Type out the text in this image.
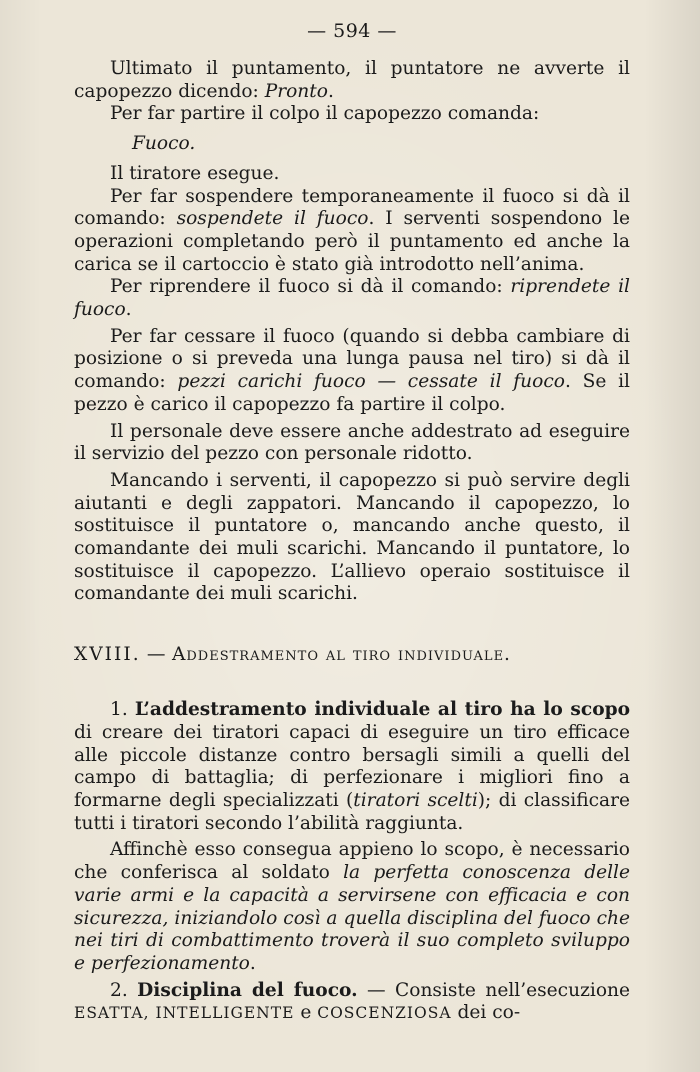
— 594 —

Ultimato il puntamento, il puntatore ne avverte il capopezzo dicendo: Pronto.

Per far partire il colpo il capopezzo comanda:

Fuoco.

Il tiratore esegue.

Per far sospendere temporaneamente il fuoco si dà il comando: sospendete il fuoco. I serventi sospendono le operazioni completando però il puntamento ed anche la carica se il cartoccio è stato già introdotto nell’anima.

Per riprendere il fuoco si dà il comando: riprendete il fuoco.

Per far cessare il fuoco (quando si debba cambiare di posizione o si preveda una lunga pausa nel tiro) si dà il comando: pezzi carichi fuoco — cessate il fuoco. Se il pezzo è carico il capopezzo fa partire il colpo.

Il personale deve essere anche addestrato ad eseguire il servizio del pezzo con personale ridotto.

Mancando i serventi, il capopezzo si può servire degli aiutanti e degli zappatori. Mancando il capopezzo, lo sostituisce il puntatore o, mancando anche questo, il comandante dei muli scarichi. Mancando il puntatore, lo sostituisce il capopezzo. L’allievo operaio sostituisce il comandante dei muli scarichi.

XVIII. — Addestramento al tiro individuale.

1. L’addestramento individuale al tiro ha lo scopo di creare dei tiratori capaci di eseguire un tiro efficace alle piccole distanze contro bersagli simili a quelli del campo di battaglia; di perfezionare i migliori fino a formarne degli specializzati (tiratori scelti); di classificare tutti i tiratori secondo l’abilità raggiunta.

Affinchè esso consegua appieno lo scopo, è necessario che conferisca al soldato la perfetta conoscenza delle varie armi e la capacità a servirsene con efficacia e con sicurezza, iniziandolo così a quella disciplina del fuoco che nei tiri di combattimento troverà il suo completo sviluppo e perfezionamento.

2. Disciplina del fuoco. — Consiste nell’esecuzione ESATTA, INTELLIGENTE e COSCENZIOSA dei co-
